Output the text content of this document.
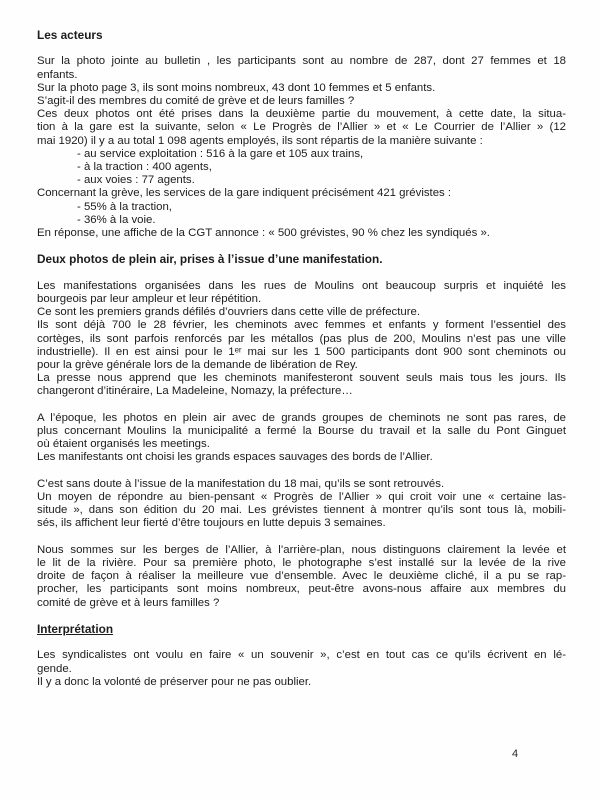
Les acteurs
Sur la photo jointe au bulletin , les participants sont au nombre de 287, dont 27 femmes et 18
enfants.
Sur la photo page 3, ils sont moins nombreux, 43 dont 10 femmes et 5 enfants.
S’agit-il des membres du comité de grève et de leurs familles ?
Ces deux photos ont été prises dans la deuxième partie du mouvement, à cette date, la situa-
tion à la gare est la suivante, selon « Le Progrès de l’Allier » et « Le Courrier de l’Allier » (12
mai 1920) il y a au total 1 098 agents employés, ils sont répartis de la manière suivante :
- au service exploitation : 516 à la gare et 105 aux trains,
- à la traction : 400 agents,
- aux voies : 77 agents.
Concernant la grève, les services de la gare indiquent précisément 421 grévistes :
- 55% à la traction,
- 36% à la voie.
En réponse, une affiche de la CGT annonce : « 500 grévistes, 90 % chez les syndiqués ».
Deux photos de plein air, prises à l’issue d’une manifestation.
Les manifestations organisées dans les rues de Moulins ont beaucoup surpris et inquiété les
bourgeois par leur ampleur et leur répétition.
Ce sont les premiers grands défilés d’ouvriers dans cette ville de préfecture.
Ils sont déjà 700 le 28 février, les cheminots avec femmes et enfants y forment l’essentiel des
cortèges, ils sont parfois renforcés par les métallos (pas plus de 200, Moulins n’est pas une ville
industrielle). Il en est ainsi pour le 1ᵉʳ mai sur les 1 500 participants dont 900 sont cheminots ou
pour la grève générale lors de la demande de libération de Rey.
La presse nous apprend que les cheminots manifesteront souvent seuls mais tous les jours. Ils
changeront d’itinéraire, La Madeleine, Nomazy, la préfecture…
A l’époque, les photos en plein air avec de grands groupes de cheminots ne sont pas rares, de
plus concernant Moulins la municipalité a fermé la Bourse du travail et la salle du Pont Ginguet
où étaient organisés les meetings.
Les manifestants ont choisi les grands espaces sauvages des bords de l’Allier.
C’est sans doute à l’issue de la manifestation du 18 mai, qu’ils se sont retrouvés.
Un moyen de répondre au bien-pensant « Progrès de l’Allier » qui croit voir une « certaine las-
situde », dans son édition du 20 mai. Les grévistes tiennent à montrer qu’ils sont tous là, mobili-
sés, ils affichent leur fierté d’être toujours en lutte depuis 3 semaines.
Nous sommes sur les berges de l’Allier, à l’arrière-plan, nous distinguons clairement la levée et
le lit de la rivière. Pour sa première photo, le photographe s’est installé sur la levée de la rive
droite de façon à réaliser la meilleure vue d’ensemble. Avec le deuxième cliché, il a pu se rap-
procher, les participants sont moins nombreux, peut-être avons-nous affaire aux membres du
comité de grève et à leurs familles ?
Interprétation
Les syndicalistes ont voulu en faire « un souvenir », c’est en tout cas ce qu’ils écrivent en lé-
gende.
Il y a donc la volonté de préserver pour ne pas oublier.
4
